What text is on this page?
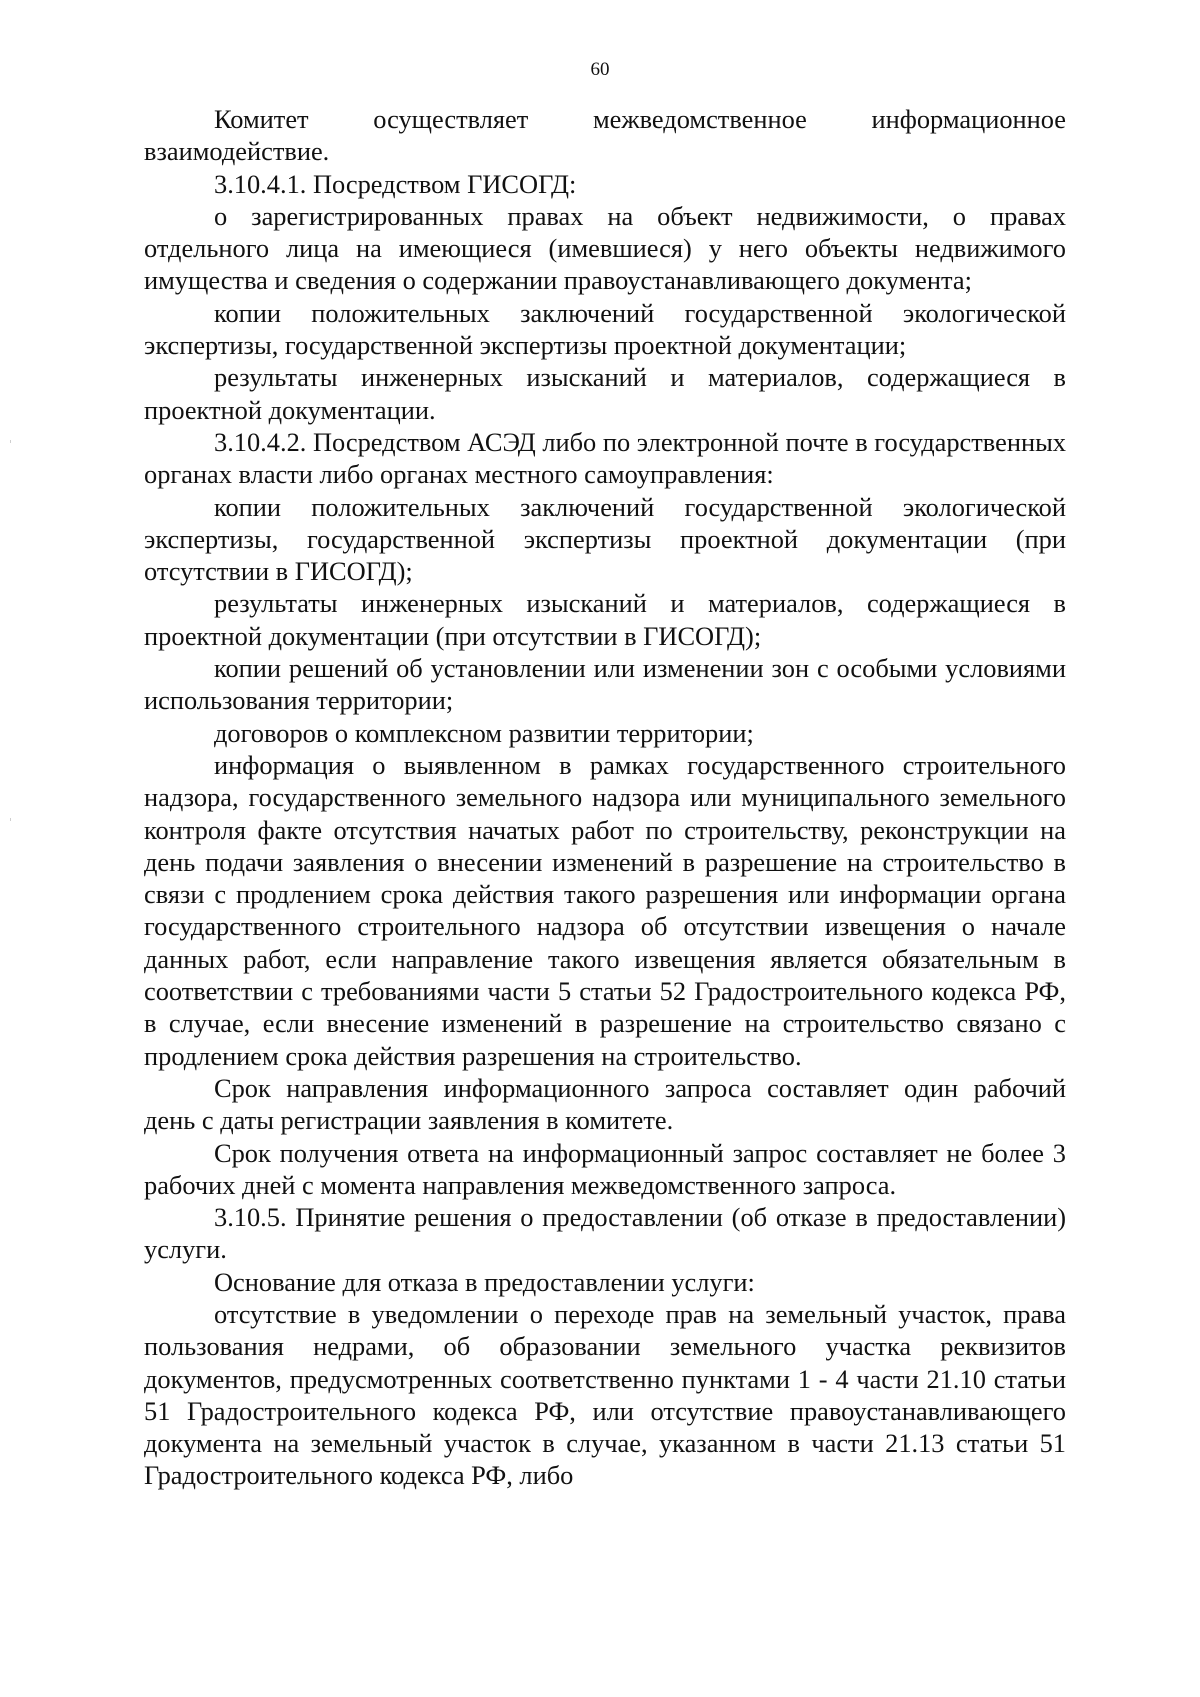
60

Комитет осуществляет межведомственное информационное взаимодействие.

3.10.4.1. Посредством ГИСОГД:

о зарегистрированных правах на объект недвижимости, о правах отдельного лица на имеющиеся (имевшиеся) у него объекты недвижимого имущества и сведения о содержании правоустанавливающего документа;

копии положительных заключений государственной экологической экспертизы, государственной экспертизы проектной документации;

результаты инженерных изысканий и материалов, содержащиеся в проектной документации.

3.10.4.2. Посредством АСЭД либо по электронной почте в государственных органах власти либо органах местного самоуправления:

копии положительных заключений государственной экологической экспертизы, государственной экспертизы проектной документации (при отсутствии в ГИСОГД);

результаты инженерных изысканий и материалов, содержащиеся в проектной документации (при отсутствии в ГИСОГД);

копии решений об установлении или изменении зон с особыми условиями использования территории;

договоров о комплексном развитии территории;

информация о выявленном в рамках государственного строительного надзора, государственного земельного надзора или муниципального земельного контроля факте отсутствия начатых работ по строительству, реконструкции на день подачи заявления о внесении изменений в разрешение на строительство в связи с продлением срока действия такого разрешения или информации органа государственного строительного надзора об отсутствии извещения о начале данных работ, если направление такого извещения является обязательным в соответствии с требованиями части 5 статьи 52 Градостроительного кодекса РФ, в случае, если внесение изменений в разрешение на строительство связано с продлением срока действия разрешения на строительство.

Срок направления информационного запроса составляет один рабочий день с даты регистрации заявления в комитете.

Срок получения ответа на информационный запрос составляет не более 3 рабочих дней с момента направления межведомственного запроса.

3.10.5. Принятие решения о предоставлении (об отказе в предоставлении) услуги.

Основание для отказа в предоставлении услуги:

отсутствие в уведомлении о переходе прав на земельный участок, права пользования недрами, об образовании земельного участка реквизитов документов, предусмотренных соответственно пунктами 1 - 4 части 21.10 статьи 51 Градостроительного кодекса РФ, или отсутствие правоустанавливающего документа на земельный участок в случае, указанном в части 21.13 статьи 51 Градостроительного кодекса РФ, либо
